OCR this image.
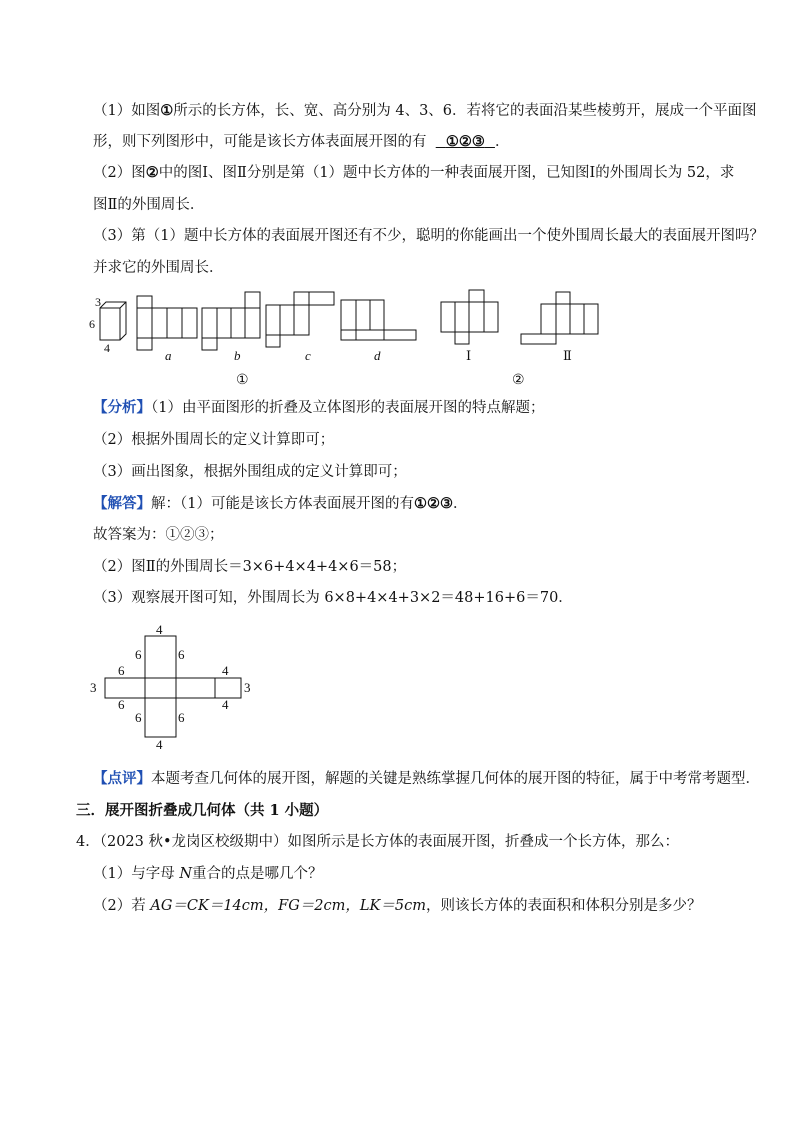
（1）如图①所示的长方体，长、宽、高分别为 4、3、6．若将它的表面沿某些棱剪开，展成一个平面图
形，则下列图形中，可能是该长方体表面展开图的有 ①②③ ．
（2）图②中的图Ⅰ、图Ⅱ分别是第（1）题中长方体的一种表面展开图，已知图Ⅰ的外围周长为 52，求
图Ⅱ的外围周长．
（3）第（1）题中长方体的表面展开图还有不少，聪明的你能画出一个使外围周长最大的表面展开图吗？
并求它的外围周长．
3
6
4	a	b	c	d	Ⅰ	Ⅱ
①	②
【分析】（1）由平面图形的折叠及立体图形的表面展开图的特点解题；
（2）根据外围周长的定义计算即可；
（3）画出图象，根据外围组成的定义计算即可；
【解答】解：（1）可能是该长方体表面展开图的有①②③．
故答案为：①②③；
（2）图Ⅱ的外围周长＝3×6+4×4+4×6＝58；
（3）观察展开图可知，外围周长为 6×8+4×4+3×2＝48+16+6＝70．
4
6	6
4
6
3	3
6
6
4
4
6
【点评】本题考查几何体的展开图，解题的关键是熟练掌握几何体的展开图的特征，属于中考常考题型．
三．展开图折叠成几何体（共 1 小题）
4．（2023 秋•龙岗区校级期中）如图所示是长方体的表面展开图，折叠成一个长方体，那么：
（1）与字母 N重合的点是哪几个？
（2）若 AG＝CK＝14cm，FG＝2cm，LK＝5cm，则该长方体的表面积和体积分别是多少？
